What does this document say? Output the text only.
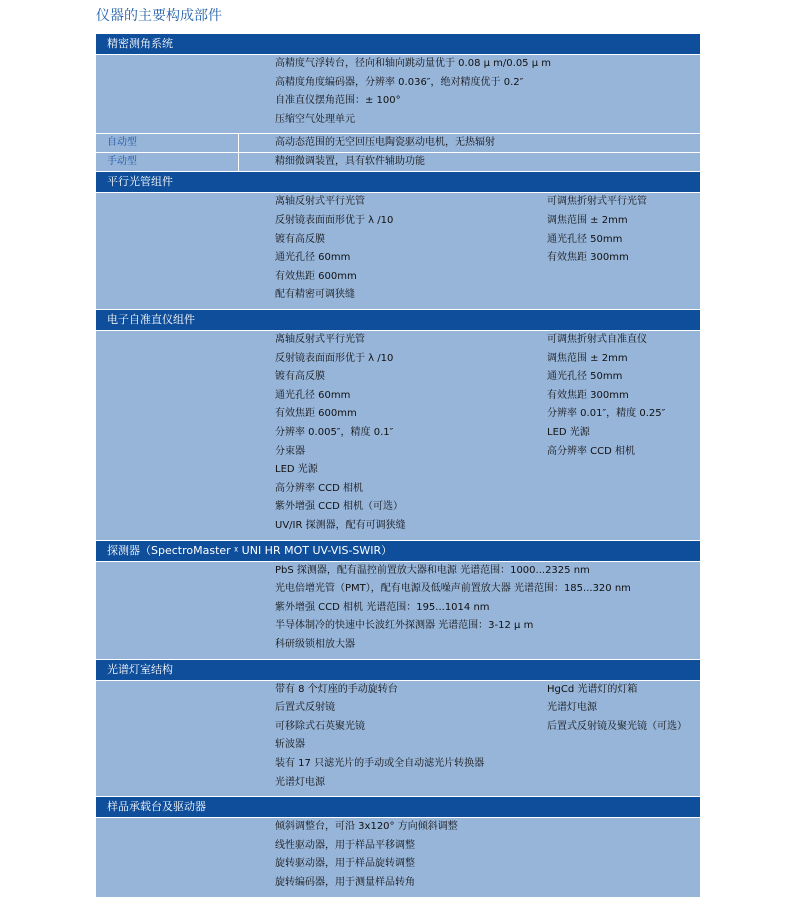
仪器的主要构成部件
精密测角系统
高精度气浮转台，径向和轴向跳动量优于 0.08 μ m/0.05 μ m
高精度角度编码器，分辨率 0.036″，绝对精度优于 0.2″
自准直仪摆角范围：± 100°
压缩空气处理单元
自动型	高动态范围的无空回压电陶瓷驱动电机，无热辐射
手动型	精细微调装置，具有软件辅助功能
平行光管组件
离轴反射式平行光管
反射镜表面面形优于 λ /10
镀有高反膜
通光孔径 60mm
有效焦距 600mm
配有精密可调狭缝
可调焦折射式平行光管
调焦范围 ± 2mm
通光孔径 50mm
有效焦距 300mm
电子自准直仪组件
离轴反射式平行光管
反射镜表面面形优于 λ /10
镀有高反膜
通光孔径 60mm
有效焦距 600mm
分辨率 0.005″，精度 0.1″
分束器
LED 光源
高分辨率 CCD 相机
紫外增强 CCD 相机（可选）
UV/IR 探测器，配有可调狭缝
可调焦折射式自准直仪
调焦范围 ± 2mm
通光孔径 50mm
有效焦距 300mm
分辨率 0.01″，精度 0.25″
LED 光源
高分辨率 CCD 相机
探测器（SpectroMaster ᵡ UNI HR MOT UV-VIS-SWIR）
PbS 探测器，配有温控前置放大器和电源 光谱范围：1000...2325 nm
光电倍增光管（PMT），配有电源及低噪声前置放大器 光谱范围：185...320 nm
紫外增强 CCD 相机 光谱范围：195...1014 nm
半导体制冷的快速中长波红外探测器 光谱范围：3-12 μ m
科研级锁相放大器
光谱灯室结构
带有 8 个灯座的手动旋转台
后置式反射镜
可移除式石英聚光镜
斩波器
装有 17 只滤光片的手动或全自动滤光片转换器
光谱灯电源
HgCd 光谱灯的灯箱
光谱灯电源
后置式反射镜及聚光镜（可选）
样品承载台及驱动器
倾斜调整台，可沿 3x120° 方向倾斜调整
线性驱动器，用于样品平移调整
旋转驱动器，用于样品旋转调整
旋转编码器，用于测量样品转角
